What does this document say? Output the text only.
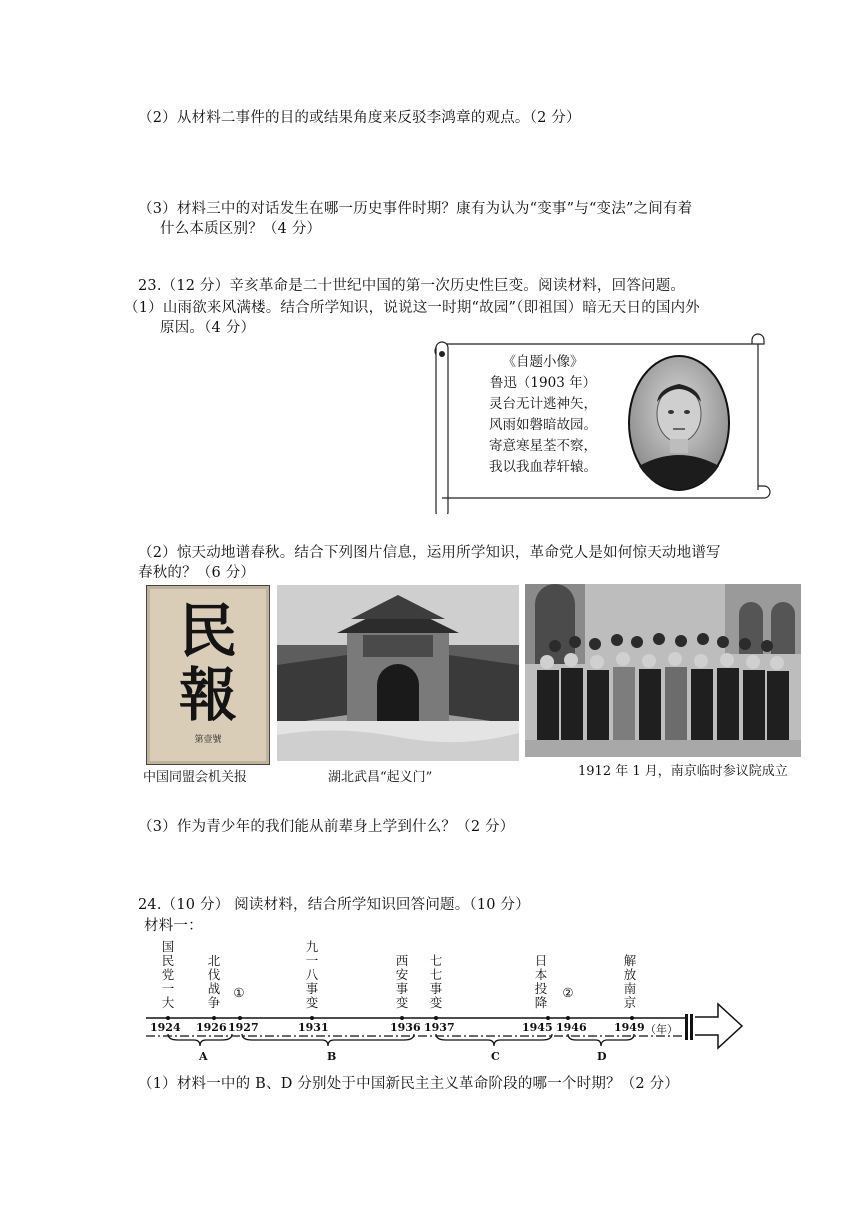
（2）从材料二事件的目的或结果角度来反驳李鸿章的观点。（2 分）
（3）材料三中的对话发生在哪一历史事件时期？康有为认为“变事”与“变法”之间有着
什么本质区别？（4 分）
23.（12 分）辛亥革命是二十世纪中国的第一次历史性巨变。阅读材料，回答问题。
（1）山雨欲来风满楼。结合所学知识，说说这一时期“故园”（即祖国）暗无天日的国内外
原因。（4 分）
《自题小像》
鲁迅（1903 年）
灵台无计逃神矢，
风雨如磐暗故园。
寄意寒星荃不察，
我以我血荐轩辕。
（2）惊天动地谱春秋。结合下列图片信息，运用所学知识，革命党人是如何惊天动地谱写
春秋的？（6 分）
民
報
第壹號
中国同盟会机关报	湖北武昌“起义门”	1912 年 1 月，南京临时参议院成立
（3）作为青少年的我们能从前辈身上学到什么？（2 分）
24.（10 分） 阅读材料，结合所学知识回答问题。（10 分）
材料一：
国民党一大
北伐战争
①
九一八事变
西安事变
七七事变
日本投降
②
解放南京
1924 1926 1927	1931	1936 1937	1945 1946 1949 （年）
A	B	C	D
（1）材料一中的 B、D 分别处于中国新民主主义革命阶段的哪一个时期？（2 分）
